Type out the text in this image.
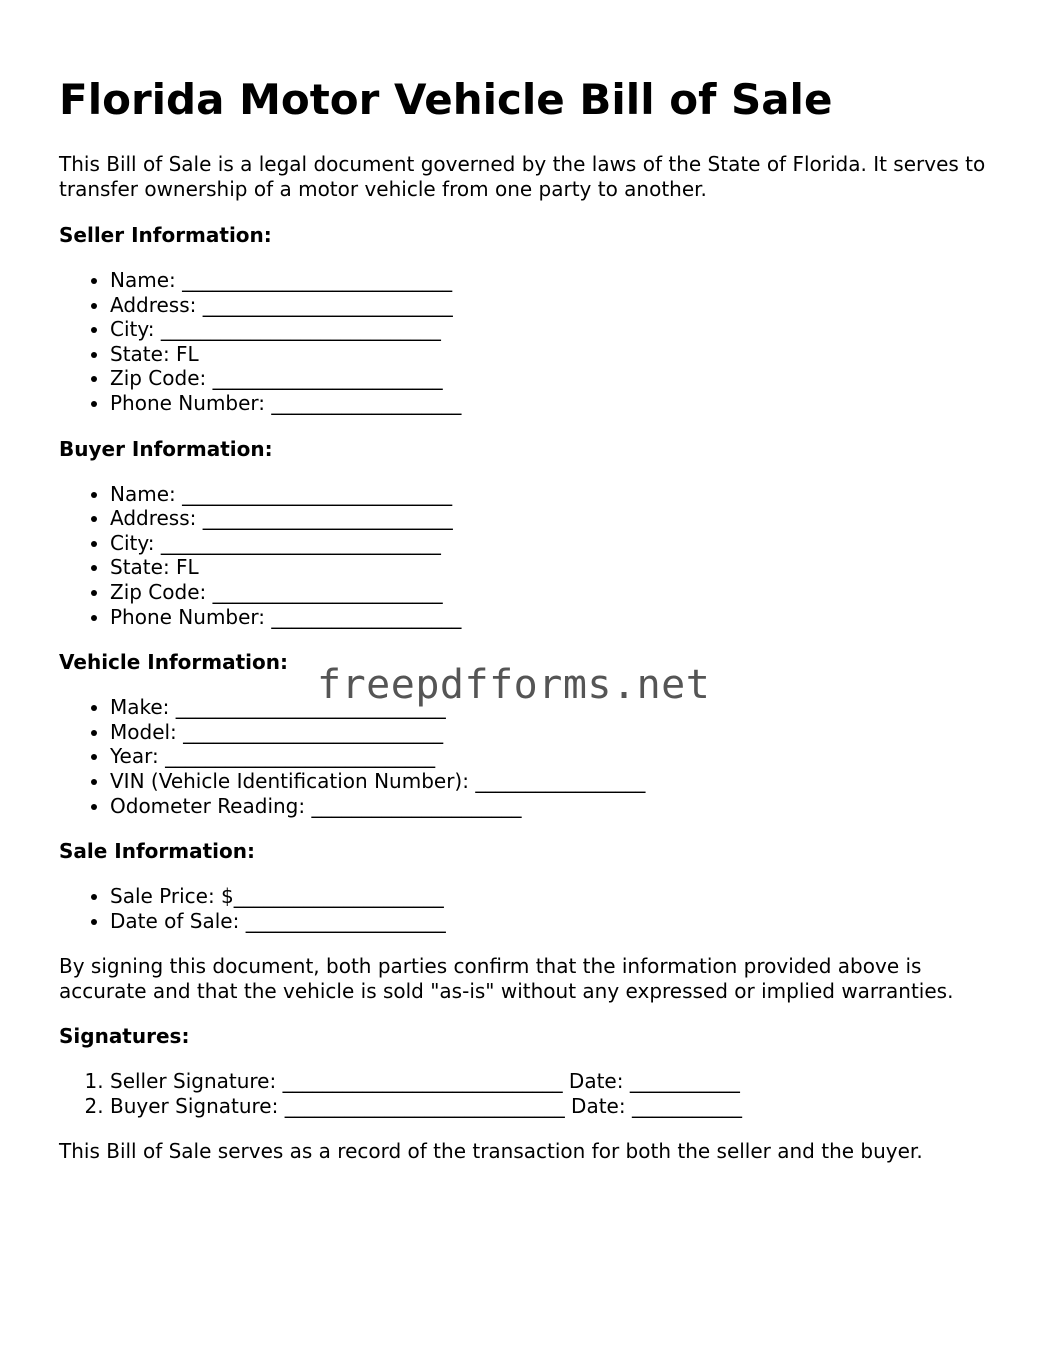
Florida Motor Vehicle Bill of Sale

This Bill of Sale is a legal document governed by the laws of the State of Florida. It serves to transfer ownership of a motor vehicle from one party to another.

Seller Information:

• Name: ___________________________
• Address: _________________________
• City: ____________________________
• State: FL
• Zip Code: _______________________
• Phone Number: ___________________

Buyer Information:

• Name: ___________________________
• Address: _________________________
• City: ____________________________
• State: FL
• Zip Code: _______________________
• Phone Number: ___________________

Vehicle Information:

• Make: ___________________________
• Model: __________________________
• Year: ___________________________
• VIN (Vehicle Identification Number): _________________
• Odometer Reading: _____________________

Sale Information:

• Sale Price: $_____________________
• Date of Sale: ____________________

By signing this document, both parties confirm that the information provided above is accurate and that the vehicle is sold "as-is" without any expressed or implied warranties.

Signatures:

1. Seller Signature: ____________________________ Date: ___________
2. Buyer Signature: ____________________________ Date: ___________

This Bill of Sale serves as a record of the transaction for both the seller and the buyer.

freepdfforms.net
